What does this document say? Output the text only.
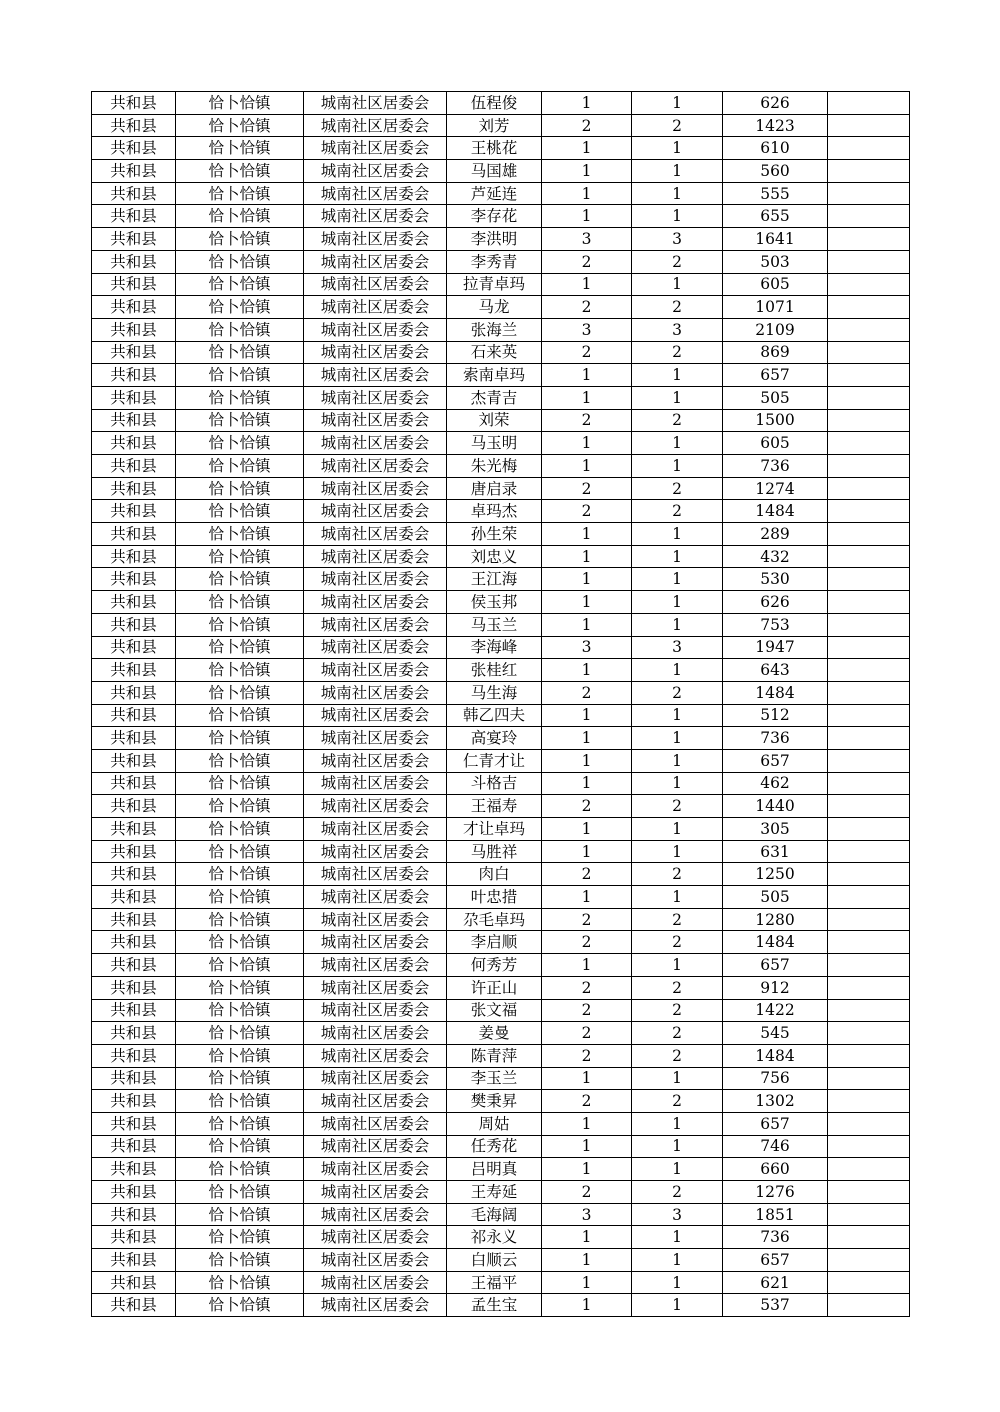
共和县	恰卜恰镇	城南社区居委会	伍程俊	1	1	626	
共和县	恰卜恰镇	城南社区居委会	刘芳	2	2	1423	
共和县	恰卜恰镇	城南社区居委会	王桃花	1	1	610	
共和县	恰卜恰镇	城南社区居委会	马国雄	1	1	560	
共和县	恰卜恰镇	城南社区居委会	芦延连	1	1	555	
共和县	恰卜恰镇	城南社区居委会	李存花	1	1	655	
共和县	恰卜恰镇	城南社区居委会	李洪明	3	3	1641	
共和县	恰卜恰镇	城南社区居委会	李秀青	2	2	503	
共和县	恰卜恰镇	城南社区居委会	拉青卓玛	1	1	605	
共和县	恰卜恰镇	城南社区居委会	马龙	2	2	1071	
共和县	恰卜恰镇	城南社区居委会	张海兰	3	3	2109	
共和县	恰卜恰镇	城南社区居委会	石来英	2	2	869	
共和县	恰卜恰镇	城南社区居委会	索南卓玛	1	1	657	
共和县	恰卜恰镇	城南社区居委会	杰青吉	1	1	505	
共和县	恰卜恰镇	城南社区居委会	刘荣	2	2	1500	
共和县	恰卜恰镇	城南社区居委会	马玉明	1	1	605	
共和县	恰卜恰镇	城南社区居委会	朱光梅	1	1	736	
共和县	恰卜恰镇	城南社区居委会	唐启录	2	2	1274	
共和县	恰卜恰镇	城南社区居委会	卓玛杰	2	2	1484	
共和县	恰卜恰镇	城南社区居委会	孙生荣	1	1	289	
共和县	恰卜恰镇	城南社区居委会	刘忠义	1	1	432	
共和县	恰卜恰镇	城南社区居委会	王江海	1	1	530	
共和县	恰卜恰镇	城南社区居委会	侯玉邦	1	1	626	
共和县	恰卜恰镇	城南社区居委会	马玉兰	1	1	753	
共和县	恰卜恰镇	城南社区居委会	李海峰	3	3	1947	
共和县	恰卜恰镇	城南社区居委会	张桂红	1	1	643	
共和县	恰卜恰镇	城南社区居委会	马生海	2	2	1484	
共和县	恰卜恰镇	城南社区居委会	韩乙四夫	1	1	512	
共和县	恰卜恰镇	城南社区居委会	高宴玲	1	1	736	
共和县	恰卜恰镇	城南社区居委会	仁青才让	1	1	657	
共和县	恰卜恰镇	城南社区居委会	斗格吉	1	1	462	
共和县	恰卜恰镇	城南社区居委会	王福寿	2	2	1440	
共和县	恰卜恰镇	城南社区居委会	才让卓玛	1	1	305	
共和县	恰卜恰镇	城南社区居委会	马胜祥	1	1	631	
共和县	恰卜恰镇	城南社区居委会	肉白	2	2	1250	
共和县	恰卜恰镇	城南社区居委会	叶忠措	1	1	505	
共和县	恰卜恰镇	城南社区居委会	尕毛卓玛	2	2	1280	
共和县	恰卜恰镇	城南社区居委会	李启顺	2	2	1484	
共和县	恰卜恰镇	城南社区居委会	何秀芳	1	1	657	
共和县	恰卜恰镇	城南社区居委会	许正山	2	2	912	
共和县	恰卜恰镇	城南社区居委会	张文福	2	2	1422	
共和县	恰卜恰镇	城南社区居委会	姜曼	2	2	545	
共和县	恰卜恰镇	城南社区居委会	陈青萍	2	2	1484	
共和县	恰卜恰镇	城南社区居委会	李玉兰	1	1	756	
共和县	恰卜恰镇	城南社区居委会	樊秉昇	2	2	1302	
共和县	恰卜恰镇	城南社区居委会	周姑	1	1	657	
共和县	恰卜恰镇	城南社区居委会	任秀花	1	1	746	
共和县	恰卜恰镇	城南社区居委会	吕明真	1	1	660	
共和县	恰卜恰镇	城南社区居委会	王寿延	2	2	1276	
共和县	恰卜恰镇	城南社区居委会	毛海阔	3	3	1851	
共和县	恰卜恰镇	城南社区居委会	祁永义	1	1	736	
共和县	恰卜恰镇	城南社区居委会	白顺云	1	1	657	
共和县	恰卜恰镇	城南社区居委会	王福平	1	1	621	
共和县	恰卜恰镇	城南社区居委会	孟生宝	1	1	537	
